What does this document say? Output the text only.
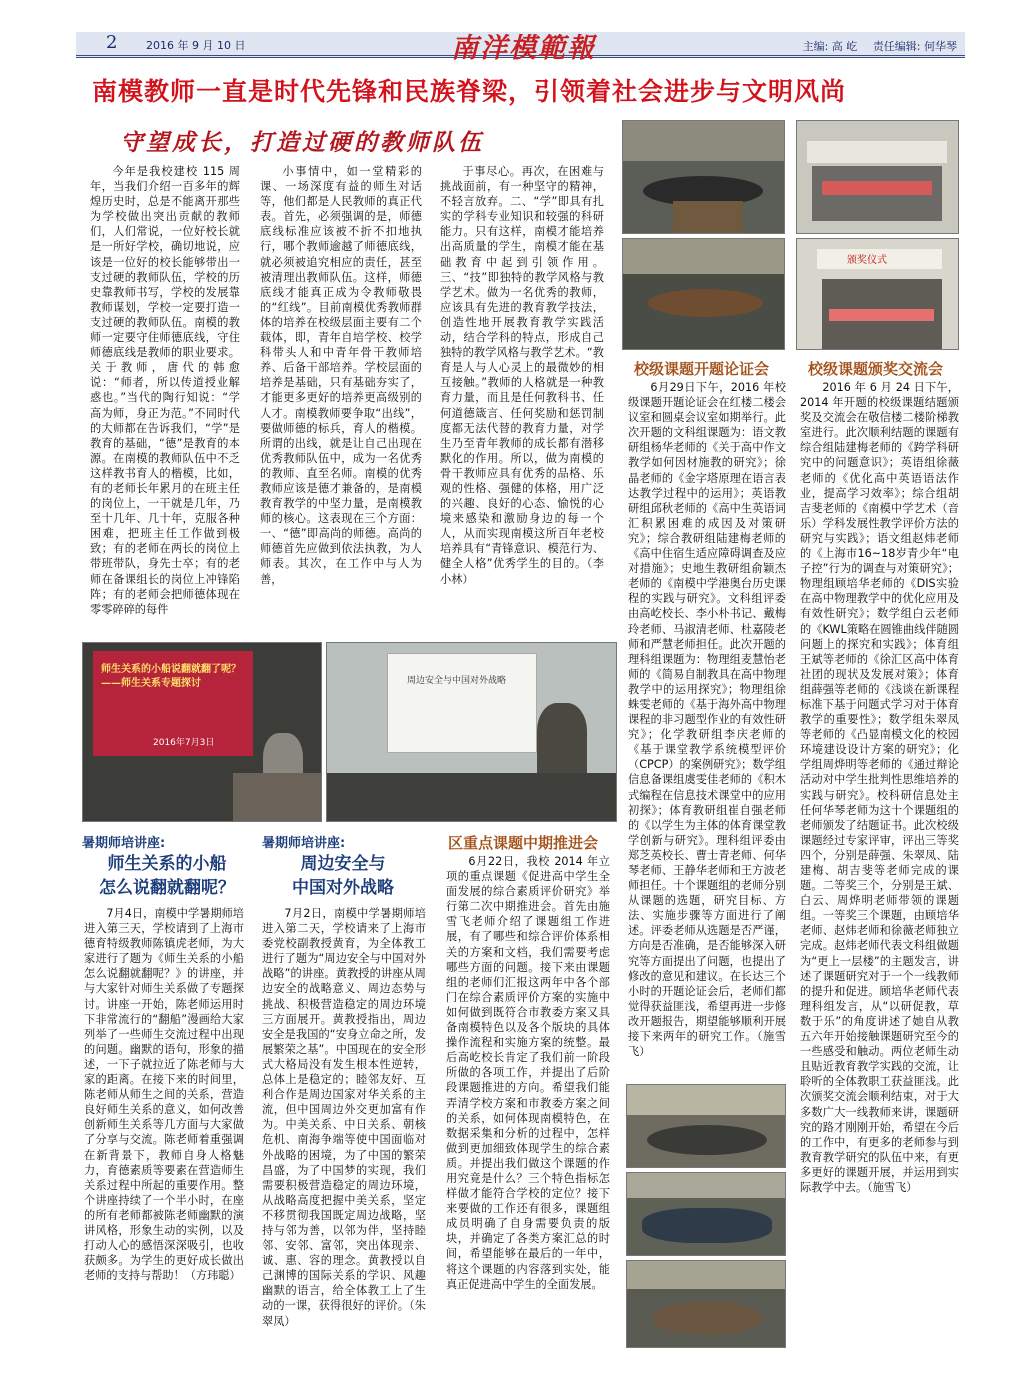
2	2016 年 9 月 10 日	南洋模範報	主编: 高 屹 责任编辑: 何华琴
南模教师一直是时代先锋和民族脊梁，引领着社会进步与文明风尚
守望成长，打造过硬的教师队伍

今年是我校建校 115 周年，当我们介绍一百多年的辉煌历史时，总是不能离开那些为学校做出突出贡献的教师们，人们常说，一位好校长就是一所好学校，确切地说，应该是一位好的校长能够带出一支过硬的教师队伍，学校的历史靠教师书写，学校的发展靠教师谋划，学校一定要打造一支过硬的教师队伍。南模的教师一定要守住师德底线，守住师德底线是教师的职业要求。关于教师，唐代的韩愈说：“师者，所以传道授业解惑也。”当代的陶行知说：“学高为师，身正为范。”不同时代的大师都在告诉我们，“学”是教育的基础，“德”是教育的本源。在南模的教师队伍中不乏这样教书育人的楷模，比如，有的老师长年累月的在班主任的岗位上，一干就是几年，乃至十几年、几十年，克服各种困难，把班主任工作做到极致；有的老师在两长的岗位上带班带队，身先士卒；有的老师在备课组长的岗位上冲锋陷阵；有的老师会把师德体现在零零碎碎的每件

小事情中，如一堂精彩的课、一场深度有益的师生对话等，他们都是人民教师的真正代表。首先，必须强调的是，师德底线标准应该被不折不扣地执行，哪个教师逾越了师德底线，就必须被追究相应的责任，甚至被清理出教师队伍。这样，师德底线才能真正成为令教师敬畏的“红线”。目前南模优秀教师群体的培养在校级层面主要有二个载体，即，青年自培学校、校学科带头人和中青年骨干教师培养、后备干部培养。学校层面的培养是基础，只有基础夯实了，才能更多更好的培养更高级别的人才。南模教师要争取“出线”，要做师德的标兵，育人的楷模。所谓的出线，就是让自己出现在优秀教师队伍中，成为一名优秀的教师、直至名师。南模的优秀教师应该是德才兼备的，是南模教育教学的中坚力量，是南模教师的核心。这表现在三个方面：一、“德”即高尚的师德。高尚的师德首先应做到依法执教，为人师表。其次，在工作中与人为善，

于事尽心。再次，在困难与挑战面前，有一种坚守的精神，不轻言放弃。二、“学”即具有扎实的学科专业知识和较强的科研能力。只有这样，南模才能培养出高质量的学生，南模才能在基础教育中起到引领作用。三、“技”即独特的教学风格与教学艺术。做为一名优秀的教师，应该具有先进的教育教学技法，创造性地开展教育教学实践活动，结合学科的特点，形成自己独特的教学风格与教学艺术。“教育是人与人心灵上的最微妙的相互接触。”教师的人格就是一种教育力量，而且是任何教科书、任何道德箴言、任何奖励和惩罚制度都无法代替的教育力量，对学生乃至青年教师的成长都有潜移默化的作用。所以，做为南模的骨干教师应具有优秀的品格、乐观的性格、强健的体格，用广泛的兴趣、良好的心态、愉悦的心境来感染和激励身边的每一个人，从而实现南模这所百年老校培养具有“青锋意识、模范行为、健全人格”优秀学生的目的。（李小林）

颁奖仪式
校级课题开题论证会	校级课题颁奖交流会

6月29日下午，2016 年校级课题开题论证会在红楼二楼会议室和圆桌会议室如期举行。此次开题的文科组课题为：语文教研组杨华老师的《关于高中作文教学如何因材施教的研究》；徐晶老师的《金字塔原理在语言表达教学过程中的运用》；英语教研组邱秋老师的《高中生英语词汇积累困难的成因及对策研究》；综合教研组陆建梅老师的《高中住宿生适应障碍调查及应对措施》；史地生教研组俞颖杰老师的《南模中学港奥台历史课程的实践与研究》。文科组评委由高屹校长、李小朴书记、戴梅玲老师、马淑清老师、杜嘉陵老师和严慧老师担任。此次开题的理科组课题为：物理组麦慧怡老师的《简易自制教具在高中物理教学中的运用探究》；物理组徐蛛雯老师的《基于海外高中物理课程的非习题型作业的有效性研究》；化学教研组李庆老师的《基于课堂教学系统模型评价（CPCP）的案例研究》；数学组信息备课组虞雯佳老师的《积木式编程在信息技术课堂中的应用初探》；体育教研组崔自强老师的《以学生为主体的体育课堂教学创新与研究》。理科组评委由郑芝英校长、曹士青老师、何华琴老师、王静华老师和王方波老师担任。十个课题组的老师分别从课题的选题，研究目标、方法、实施步骤等方面进行了阐述。评委老师从选题是否严谨，方向是否准确，是否能够深入研究等方面提出了问题，也提出了修改的意见和建议。在长达三个小时的开题论证会后，老师们都觉得获益匪浅，希望再进一步修改开题报告，期望能够顺利开展接下来两年的研究工作。（施雪飞）

2016 年 6 月 24 日下午，2014 年开题的校级课题结题颁奖及交流会在敬信楼二楼阶梯教室进行。此次顺利结题的课题有综合组陆建梅老师的《跨学科研究中的问题意识》；英语组徐薇老师的《优化高中英语语法作业，提高学习效率》；综合组胡吉斐老师的《南模中学艺术（音乐）学科发展性教学评价方法的研究与实践》；语文组赵炜老师的《上海市16~18岁青少年“电子控”行为的调查与对策研究》；物理组顾培华老师的《DIS实验在高中物理教学中的优化应用及有效性研究》；数学组白云老师的《KWL策略在圆锥曲线伴随圆问题上的探究和实践》；体育组王斌等老师的《徐汇区高中体育社团的现状及发展对策》；体育组薛强等老师的《浅谈在新课程标准下基于问题式学习对于体育教学的重要性》；数学组朱翠凤等老师的《凸显南模文化的校园环境建设设计方案的研究》；化学组周烨明等老师的《通过辩论活动对中学生批判性思维培养的实践与研究》。校科研信息处主任何华琴老师为这十个课题组的老师颁发了结题证书。此次校级课题经过专家评审，评出三等奖四个，分别是薛强、朱翠凤、陆建梅、胡吉斐等老师完成的课题。二等奖三个，分别是王斌、白云、周烨明老师带领的课题组。一等奖三个课题，由顾培华老师、赵炜老师和徐薇老师独立完成。赵炜老师代表文科组做题为“更上一层楼”的主题发言，讲述了课题研究对于一个一线教师的提升和促进。顾培华老师代表理科组发言，从“以研促教，草数于乐”的角度讲述了她自从教五六年开始接触课题研究至今的一些感受和触动。两位老师生动且贴近教育教学实践的交流，让聆听的全体教职工获益匪浅。此次颁奖交流会顺利结束，对于大多数广大一线教师来讲，课题研究的路才刚刚开始，希望在今后的工作中，有更多的老师参与到教育教学研究的队伍中来，有更多更好的课题开展，并运用到实际教学中去。（施雪飞）

师生关系的小船说翻就翻了呢？——师生关系专题探讨
2016年7月3日
周边安全与中国对外战略
暑期师培讲座:
师生关系的小船
怎么说翻就翻呢？

7月4日，南模中学暑期师培进入第三天，学校请到了上海市德育特级教师陈镇虎老师，为大家进行了题为《师生关系的小船怎么说翻就翻呢？》的讲座，并与大家针对师生关系做了专题探讨。讲座一开始，陈老师运用时下非常流行的“翻船”漫画给大家列举了一些师生交流过程中出现的问题。幽默的语句，形象的描述，一下子就拉近了陈老师与大家的距离。在接下来的时间里，陈老师从师生之间的关系，营造良好师生关系的意义，如何改善创新师生关系等几方面与大家做了分享与交流。陈老师着重强调在新背景下，教师自身人格魅力，育德素质等要素在营造师生关系过程中所起的重要作用。整个讲座持续了一个半小时，在座的所有老师都被陈老师幽默的演讲风格，形象生动的实例，以及打动人心的感悟深深吸引，也收获颇多。为学生的更好成长做出老师的支持与帮助！（方玮聪）

暑期师培讲座:
周边安全与
中国对外战略

7月2日，南模中学暑期师培进入第二天，学校请来了上海市委党校副教授黄育，为全体教工进行了题为“周边安全与中国对外战略”的讲座。黄教授的讲座从周边安全的战略意义、周边态势与挑战、积极营造稳定的周边环境三方面展开。黄教授指出，周边安全是我国的“安身立命之所，发展繁荣之基”。中国现在的安全形式大格局没有发生根本性逆转，总体上是稳定的；睦邻友好、互利合作是周边国家对华关系的主流，但中国周边外交更加富有作为。中美关系、中日关系、朝核危机、南海争端等使中国面临对外战略的困境，为了中国的繁荣昌盛，为了中国梦的实现，我们需要积极营造稳定的周边环境，从战略高度把握中美关系，坚定不移贯彻我国既定周边战略，坚持与邻为善，以邻为伴，坚持睦邻、安邻、富邻，突出体现亲、诚、惠、容的理念。黄教授以自己渊博的国际关系的学识、风趣幽默的语言，给全体教工上了生动的一课，获得很好的评价。（朱翠凤）

区重点课题中期推进会

6月22日，我校 2014 年立项的重点课题《促进高中学生全面发展的综合素质评价研究》举行第二次中期推进会。首先由施雪飞老师介绍了课题组工作进展，有了哪些和综合评价体系相关的方案和文档，我们需要考虑哪些方面的问题。接下来由课题组的老师们汇报这两年中各个部门在综合素质评价方案的实施中如何做到既符合市教委方案又具备南模特色以及各个版块的具体操作流程和实施方案的统整。最后高屹校长肯定了我们前一阶段所做的各项工作，并提出了后阶段课题推进的方向。希望我们能弄清学校方案和市教委方案之间的关系，如何体现南模特色，在数据采集和分析的过程中，怎样做到更加细致体现学生的综合素质。并提出我们做这个课题的作用究竟是什么？三个特色指标怎样做才能符合学校的定位？接下来要做的工作还有很多，课题组成员明确了自身需要负责的版块，并确定了各类方案汇总的时间，希望能够在最后的一年中，将这个课题的内容落到实处，能真正促进高中学生的全面发展。
